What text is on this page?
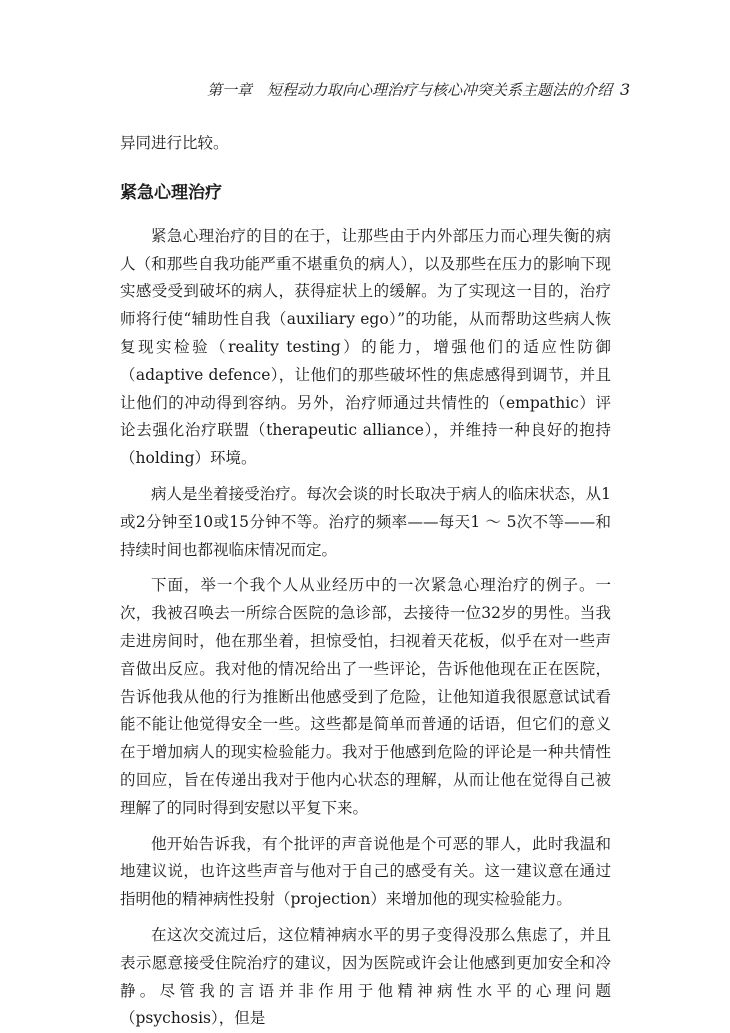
第一章　短程动力取向心理治疗与核心冲突关系主题法的介绍 3

异同进行比较。

紧急心理治疗

紧急心理治疗的目的在于，让那些由于内外部压力而心理失衡的病人（和那些自我功能严重不堪重负的病人），以及那些在压力的影响下现实感受受到破坏的病人，获得症状上的缓解。为了实现这一目的，治疗师将行使“辅助性自我（auxiliary ego）”的功能，从而帮助这些病人恢复现实检验（reality testing）的能力，增强他们的适应性防御（adaptive defence），让他们的那些破坏性的焦虑感得到调节，并且让他们的冲动得到容纳。另外，治疗师通过共情性的（empathic）评论去强化治疗联盟（therapeutic alliance），并维持一种良好的抱持（holding）环境。

病人是坐着接受治疗。每次会谈的时长取决于病人的临床状态，从1或2分钟至10或15分钟不等。治疗的频率——每天1 ～ 5次不等——和持续时间也都视临床情况而定。

下面，举一个我个人从业经历中的一次紧急心理治疗的例子。一次，我被召唤去一所综合医院的急诊部，去接待一位32岁的男性。当我走进房间时，他在那坐着，担惊受怕，扫视着天花板，似乎在对一些声音做出反应。我对他的情况给出了一些评论，告诉他他现在正在医院，告诉他我从他的行为推断出他感受到了危险，让他知道我很愿意试试看能不能让他觉得安全一些。这些都是简单而普通的话语，但它们的意义在于增加病人的现实检验能力。我对于他感到危险的评论是一种共情性的回应，旨在传递出我对于他内心状态的理解，从而让他在觉得自己被理解了的同时得到安慰以平复下来。

他开始告诉我，有个批评的声音说他是个可恶的罪人，此时我温和地建议说，也许这些声音与他对于自己的感受有关。这一建议意在通过指明他的精神病性投射（projection）来增加他的现实检验能力。

在这次交流过后，这位精神病水平的男子变得没那么焦虑了，并且表示愿意接受住院治疗的建议，因为医院或许会让他感到更加安全和冷静。尽管我的言语并非作用于他精神病性水平的心理问题（psychosis），但是
